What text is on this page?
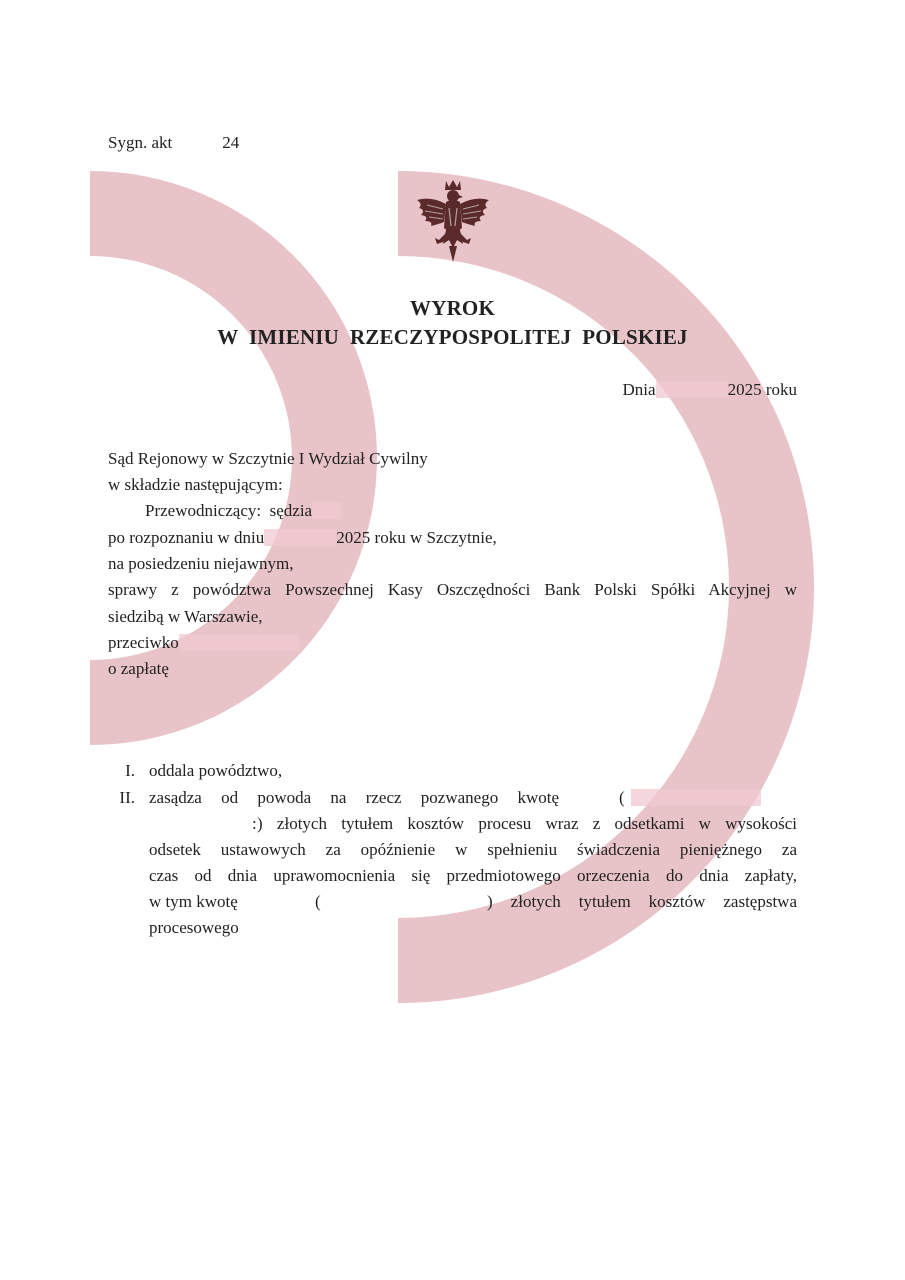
Sygn. akt	24
WYROK
W  IMIENIU  RZECZYPOSPOLITEJ  POLSKIEJ
Dnia	2025 roku
Sąd Rejonowy w Szczytnie I Wydział Cywilny
w składzie następującym:
Przewodniczący: sędzia
po rozpoznaniu w dniu	2025 roku w Szczytnie,
na posiedzeniu niejawnym,
sprawy z powództwa Powszechnej Kasy Oszczędności Bank Polski Spółki Akcyjnej w
siedzibą w Warszawie,
przeciwko
o zapłatę
I. oddala powództwo,
II. zasądza od powoda na rzecz pozwanego kwotę	(
: ) złotych tytułem kosztów procesu wraz z odsetkami w wysokości
odsetek ustawowych za opóźnienie w spełnieniu świadczenia pieniężnego za
czas od dnia uprawomocnienia się przedmiotowego orzeczenia do dnia zapłaty,
w tym kwotę	(	) złotych tytułem kosztów zastępstwa
procesowego
